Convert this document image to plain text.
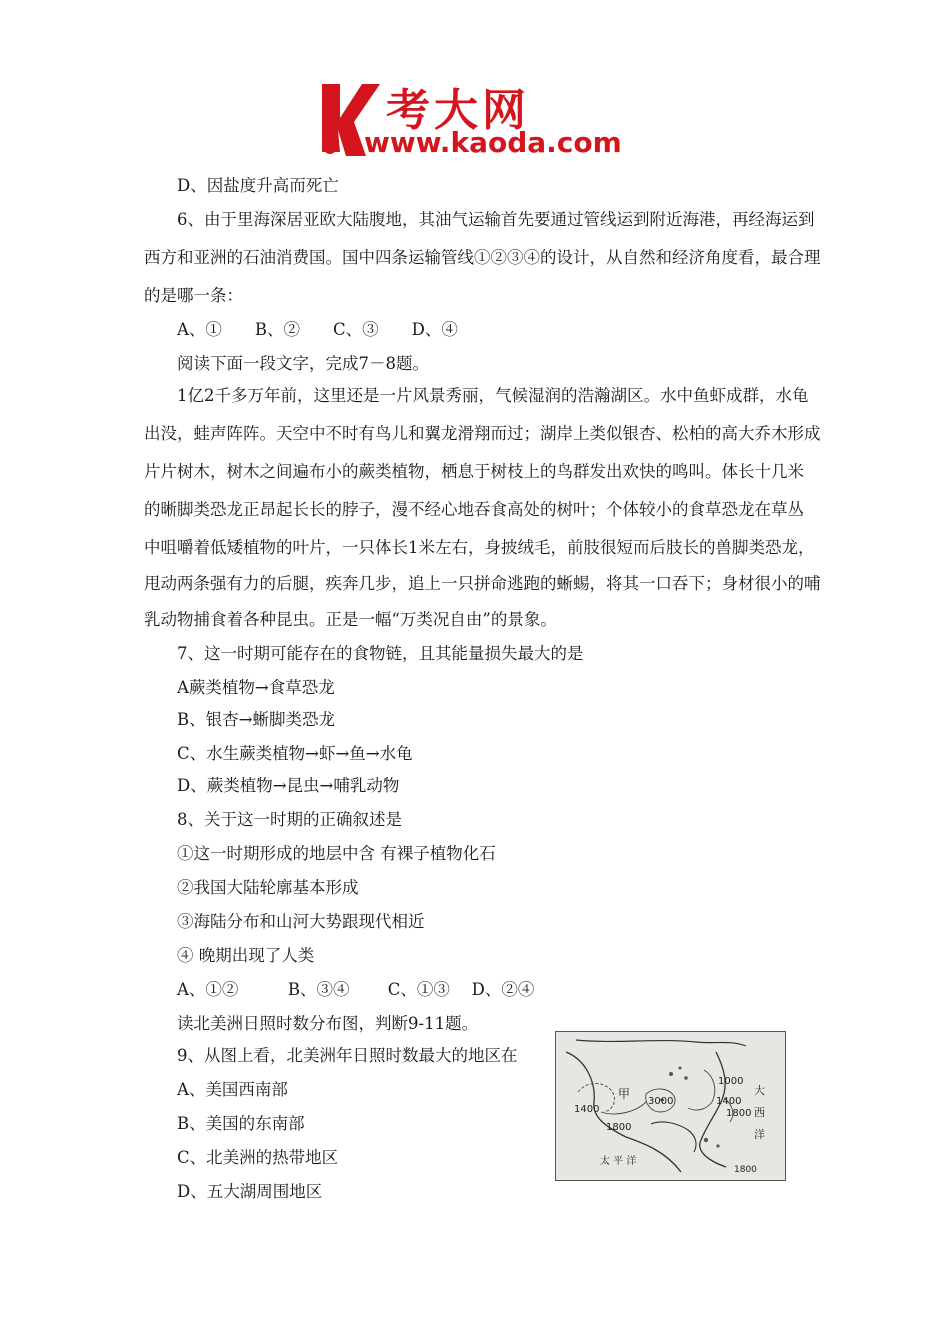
考大网
www.kaoda.com
D、因盐度升高而死亡
6、由于里海深居亚欧大陆腹地，其油气运输首先要通过管线运到附近海港，再经海运到
西方和亚洲的石油消费国。国中四条运输管线①②③④的设计，从自然和经济角度看，最合理
的是哪一条：
A、①　　B、②　　C、③　　D、④
阅读下面一段文字，完成7－8题。
1亿2千多万年前，这里还是一片风景秀丽，气候湿润的浩瀚湖区。水中鱼虾成群，水龟
出没，蛙声阵阵。天空中不时有鸟儿和翼龙滑翔而过；湖岸上类似银杏、松柏的高大乔木形成
片片树木，树木之间遍布小的蕨类植物，栖息于树枝上的鸟群发出欢快的鸣叫。体长十几米
的晰脚类恐龙正昂起长长的脖子，漫不经心地吞食高处的树叶；个体较小的食草恐龙在草丛
中咀嚼着低矮植物的叶片，一只体长1米左右，身披绒毛，前肢很短而后肢长的兽脚类恐龙，
甩动两条强有力的后腿，疾奔几步，追上一只拼命逃跑的蜥蜴，将其一口吞下；身材很小的哺
乳动物捕食着各种昆虫。正是一幅“万类况自由”的景象。
7、这一时期可能存在的食物链，且其能量损失最大的是
A蕨类植物→食草恐龙
B、银杏→蜥脚类恐龙
C、水生蕨类植物→虾→鱼→水龟
D、蕨类植物→昆虫→哺乳动物
8、关于这一时期的正确叙述是
①这一时期形成的地层中含 有裸子植物化石
②我国大陆轮廓基本形成
③海陆分布和山河大势跟现代相近
④ 晚期出现了人类
A、①②　　　B、③④　　 C、①③　 D、②④
读北美洲日照时数分布图，判断9-11题。
9、从图上看，北美洲年日照时数最大的地区在
A、美国西南部
B、美国的东南部
C、北美洲的热带地区
D、五大湖周围地区
1000
1400
1800
3000
1400
1800
甲	大
西
洋
太 平 洋
1800
